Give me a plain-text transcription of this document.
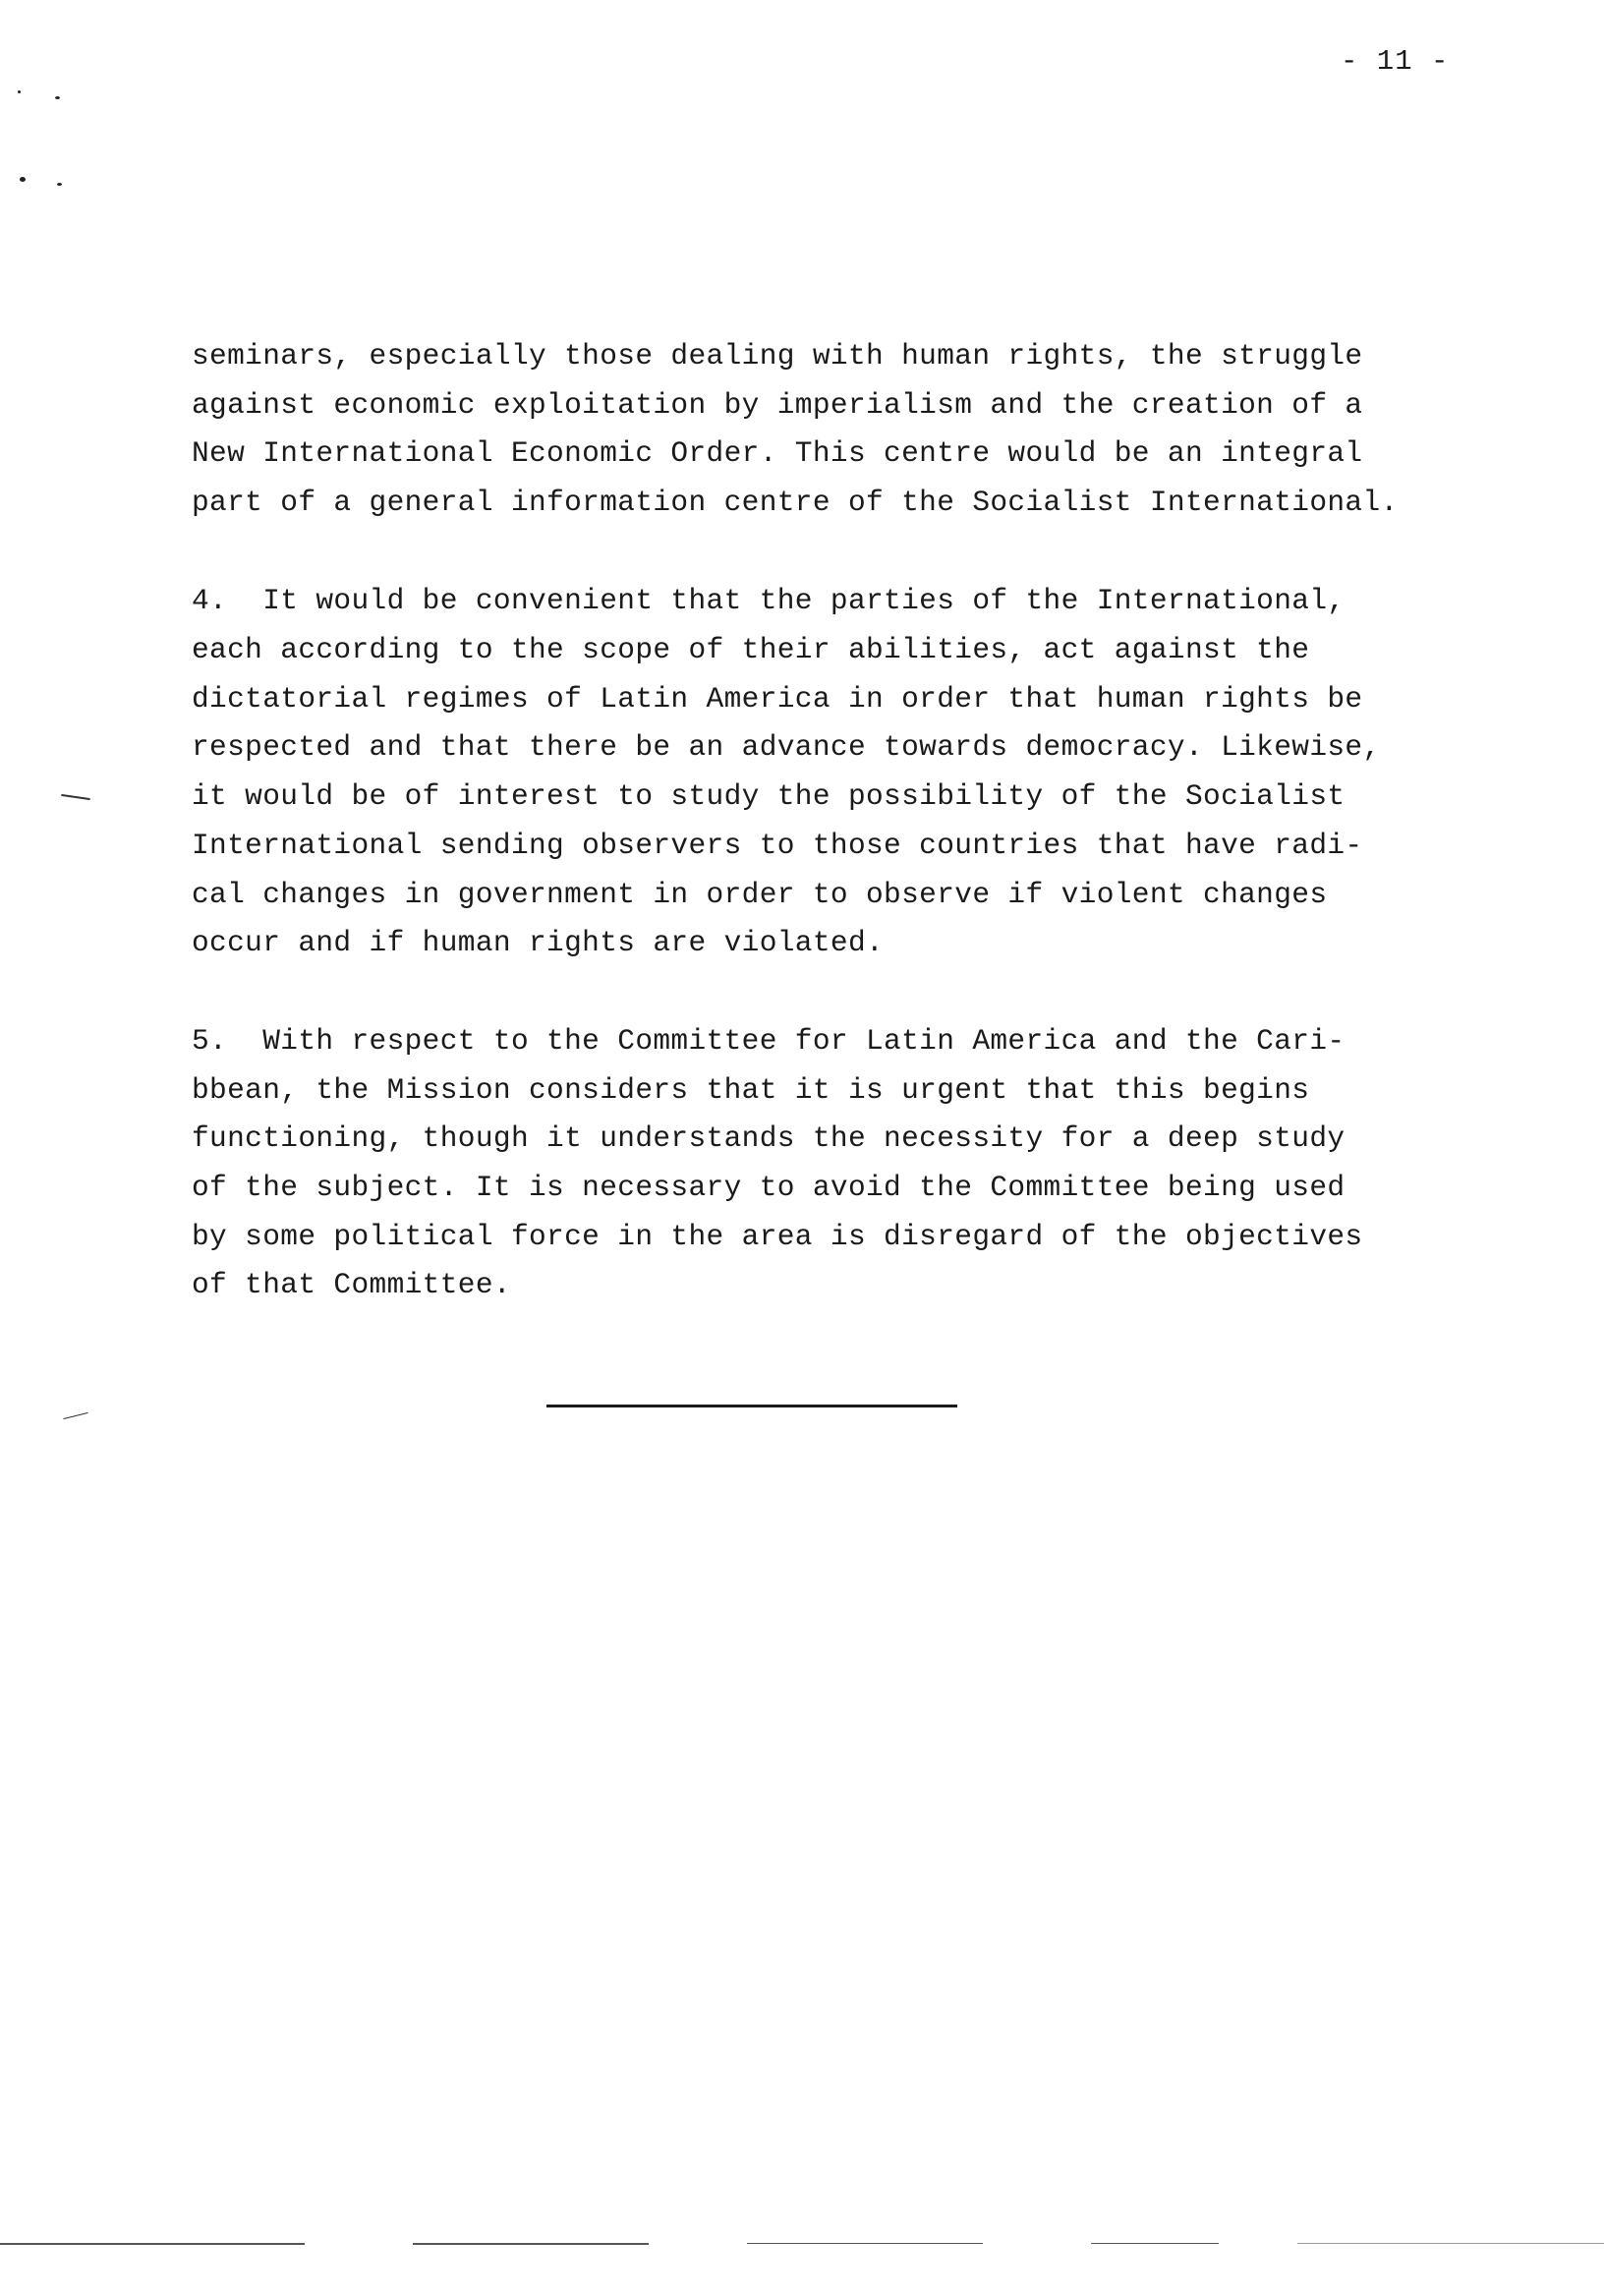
- 11 -
seminars, especially those dealing with human rights, the struggle
against economic exploitation by imperialism and the creation of a
New International Economic Order. This centre would be an integral
part of a general information centre of the Socialist International.
4.  It would be convenient that the parties of the International,
each according to the scope of their abilities, act against the
dictatorial regimes of Latin America in order that human rights be
respected and that there be an advance towards democracy. Likewise,
it would be of interest to study the possibility of the Socialist
International sending observers to those countries that have radi-
cal changes in government in order to observe if violent changes
occur and if human rights are violated.
5.  With respect to the Committee for Latin America and the Cari-
bbean, the Mission considers that it is urgent that this begins
functioning, though it understands the necessity for a deep study
of the subject. It is necessary to avoid the Committee being used
by some political force in the area is disregard of the objectives
of that Committee.
